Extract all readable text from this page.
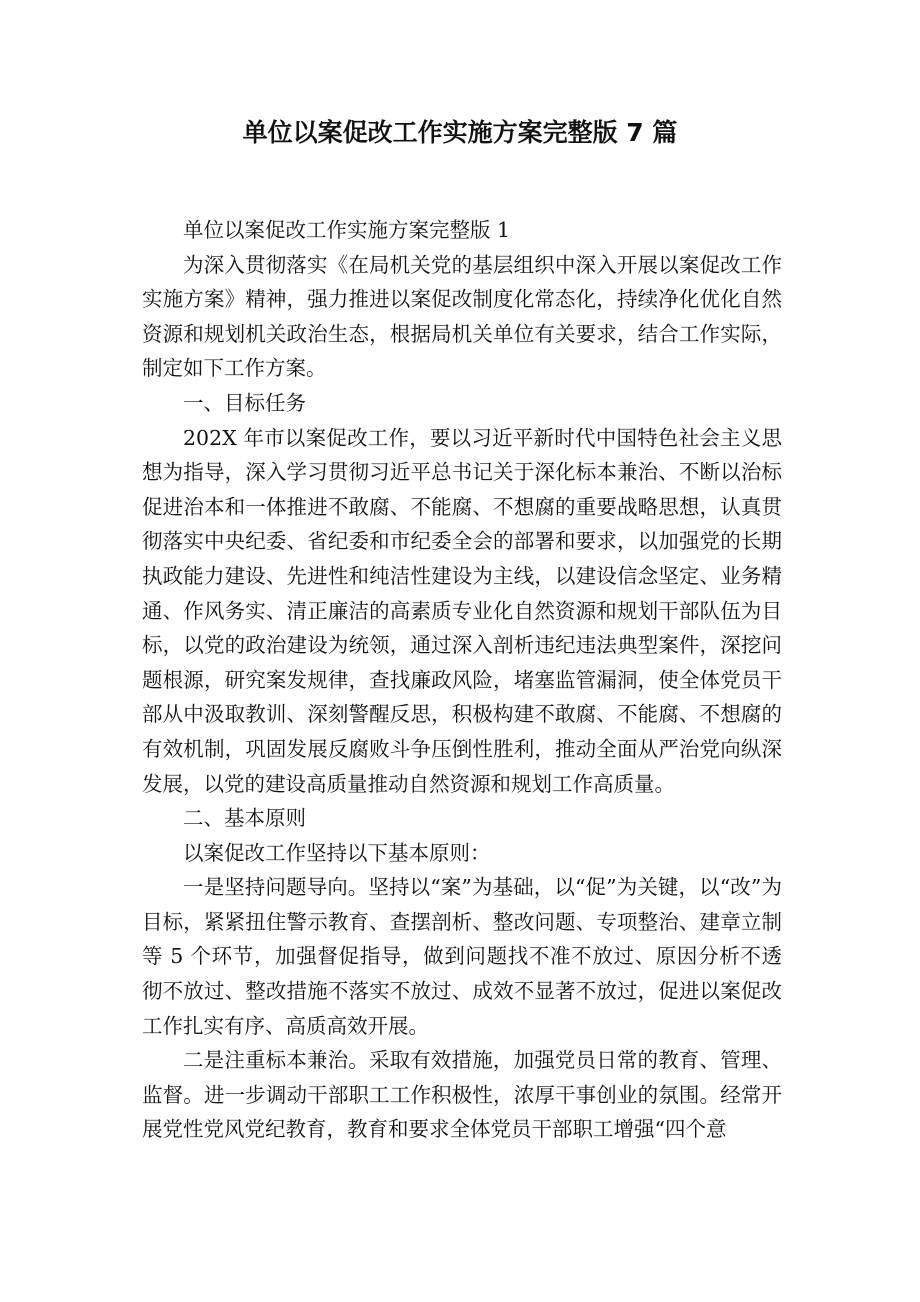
单位以案促改工作实施方案完整版 7 篇

单位以案促改工作实施方案完整版 1

为深入贯彻落实《在局机关党的基层组织中深入开展以案促改工作实施方案》精神，强力推进以案促改制度化常态化，持续净化优化自然资源和规划机关政治生态，根据局机关单位有关要求，结合工作实际，制定如下工作方案。

一、目标任务

202X 年市以案促改工作，要以习近平新时代中国特色社会主义思想为指导，深入学习贯彻习近平总书记关于深化标本兼治、不断以治标促进治本和一体推进不敢腐、不能腐、不想腐的重要战略思想，认真贯彻落实中央纪委、省纪委和市纪委全会的部署和要求，以加强党的长期执政能力建设、先进性和纯洁性建设为主线，以建设信念坚定、业务精通、作风务实、清正廉洁的高素质专业化自然资源和规划干部队伍为目标，以党的政治建设为统领，通过深入剖析违纪违法典型案件，深挖问题根源，研究案发规律，查找廉政风险，堵塞监管漏洞，使全体党员干部从中汲取教训、深刻警醒反思，积极构建不敢腐、不能腐、不想腐的有效机制，巩固发展反腐败斗争压倒性胜利，推动全面从严治党向纵深发展，以党的建设高质量推动自然资源和规划工作高质量。

二、基本原则

以案促改工作坚持以下基本原则：

一是坚持问题导向。坚持以“案”为基础，以“促”为关键，以“改”为目标，紧紧扭住警示教育、查摆剖析、整改问题、专项整治、建章立制等 5 个环节，加强督促指导，做到问题找不准不放过、原因分析不透彻不放过、整改措施不落实不放过、成效不显著不放过，促进以案促改工作扎实有序、高质高效开展。

二是注重标本兼治。采取有效措施，加强党员日常的教育、管理、监督。进一步调动干部职工工作积极性，浓厚干事创业的氛围。经常开展党性党风党纪教育，教育和要求全体党员干部职工增强“四个意
